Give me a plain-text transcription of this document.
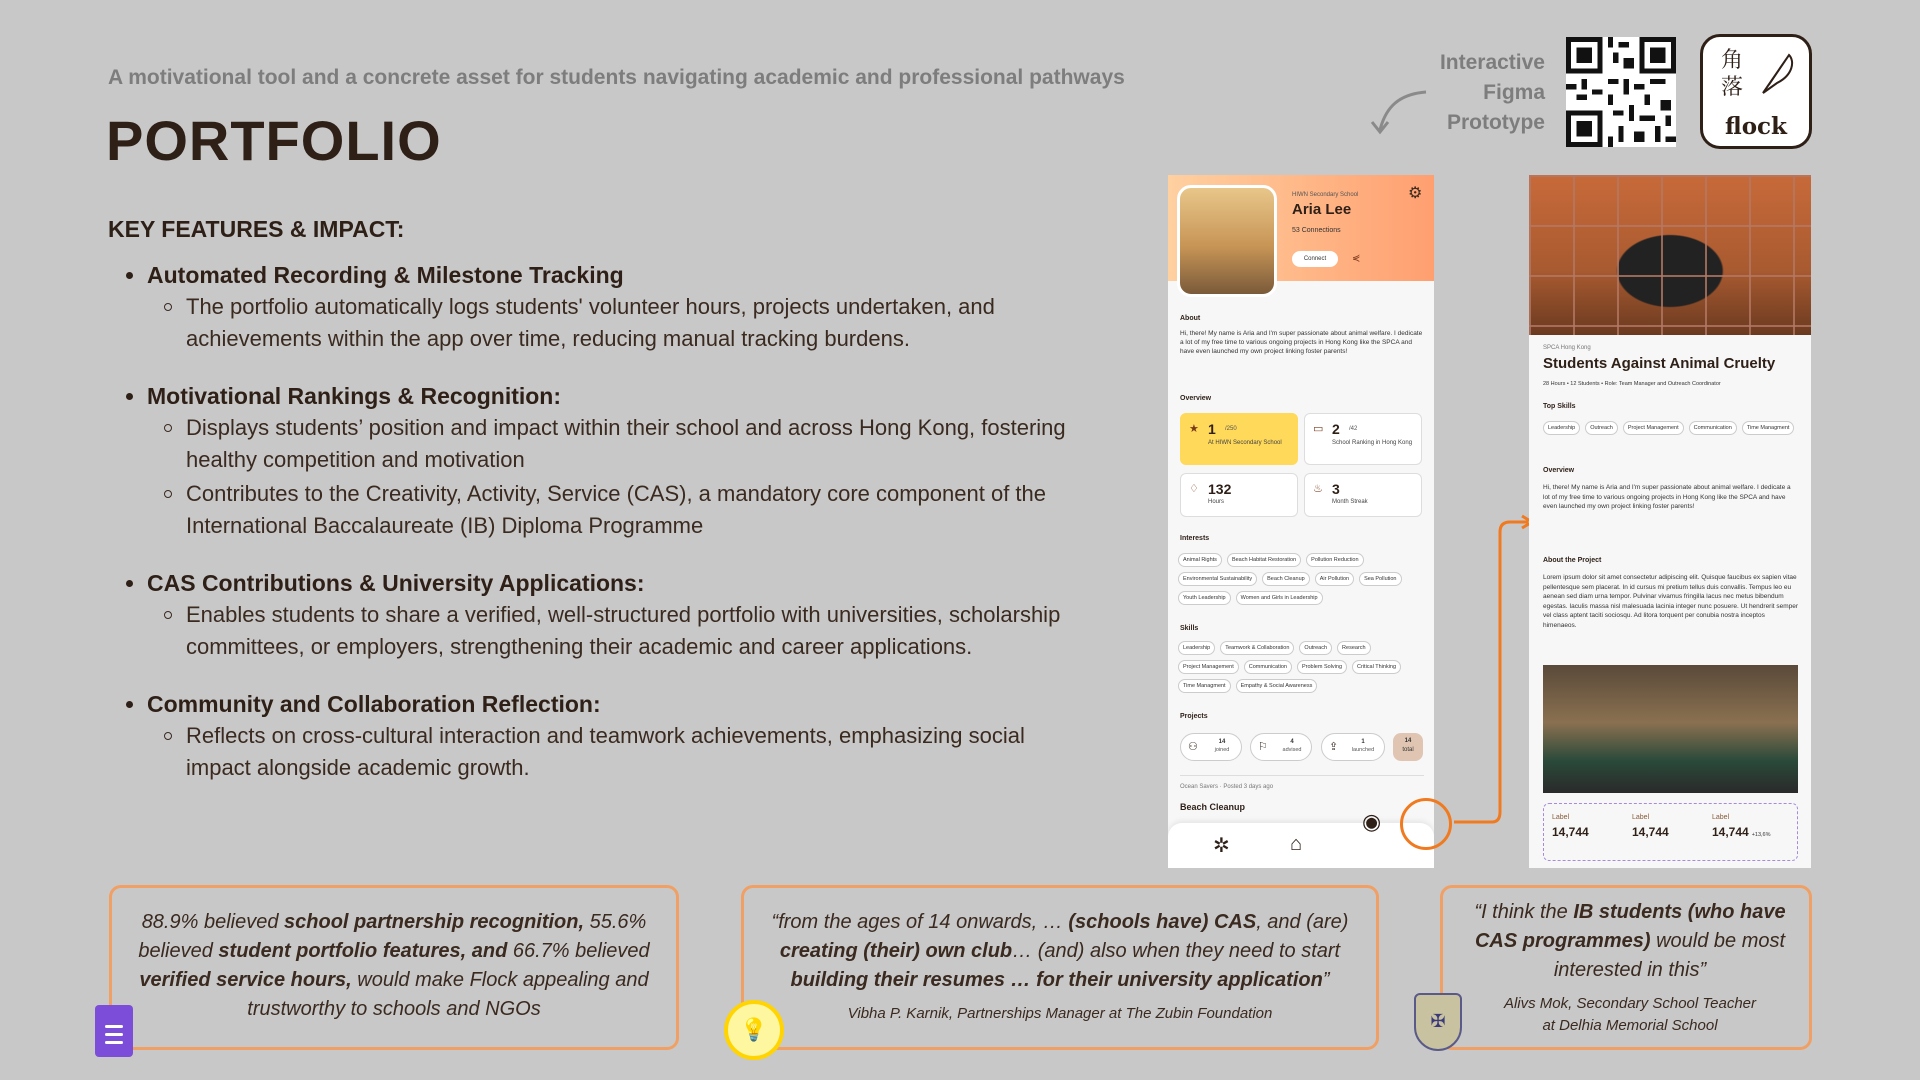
A motivational tool and a concrete asset for students navigating academic and professional pathways
PORTFOLIO
KEY FEATURES & IMPACT:
Automated Recording & Milestone Tracking
The portfolio automatically logs students' volunteer hours, projects undertaken, and achievements within the app over time, reducing manual tracking burdens.
Motivational Rankings & Recognition:
Displays students’ position and impact within their school and across Hong Kong, fostering healthy competition and motivation
Contributes to the Creativity, Activity, Service (CAS), a mandatory core component of the International Baccalaureate (IB) Diploma Programme
CAS Contributions & University Applications:
Enables students to share a verified, well-structured portfolio with universities, scholarship committees, or employers, strengthening their academic and career applications.
Community and Collaboration Reflection:
Reflects on cross-cultural interaction and teamwork achievements, emphasizing social impact alongside academic growth.
Interactive
Figma
Prototype
角
落
flock
HIWN Secondary School
Aria Lee
53 Connections
Connect	⋞
⚙
About
Hi, there! My name is Aria and I'm super passionate about animal welfare. I dedicate a lot of my free time to various ongoing projects in Hong Kong like the SPCA and have even launched my own project linking foster parents!
Overview
★ 1 /250
At HIWN Secondary School
▭ 2 /42
School Ranking in Hong Kong
♢ 132
Hours
♨ 3
Month Streak
Interests
Animal Rights	Beach Habitat Restoration	Pollution Reduction
Environmental Sustainability	Beach Cleanup	Air Pollution	Sea Pollution
Youth Leadership	Women and Girls in Leadership
Skills
Leadership	Teamwork & Collaboration	Outreach	Research
Project Management	Communication	Problem Solving	Critical Thinking
Time Managment	Empathy & Social Awareness
Projects
⚇	14
joined	⚐	4
advised	⇪	1
launched
14
total
Ocean Savers · Posted 3 days ago
Beach Cleanup
✲	⌂
◉
SPCA Hong Kong
Students Against Animal Cruelty
28 Hours • 12 Students • Role: Team Manager and Outreach Coordinator
Top Skills
Leadership	Outreach	Project Management	Communication	Time Managment
Overview
Hi, there! My name is Aria and I'm super passionate about animal welfare. I dedicate a lot of my free time to various ongoing projects in Hong Kong like the SPCA and have even launched my own project linking foster parents!
About the Project
Lorem ipsum dolor sit amet consectetur adipiscing elit. Quisque faucibus ex sapien vitae pellentesque sem placerat. In id cursus mi pretium tellus duis convallis. Tempus leo eu aenean sed diam urna tempor. Pulvinar vivamus fringilla lacus nec metus bibendum egestas. Iaculis massa nisl malesuada lacinia integer nunc posuere. Ut hendrerit semper vel class aptent taciti sociosqu. Ad litora torquent per conubia nostra inceptos himenaeos.
Label
14,744
Label
14,744
Label
14,744 +13,6%
88.9% believed school partnership recognition, 55.6% believed student portfolio features, and 66.7% believed verified service hours, would make Flock appealing and trustworthy to schools and NGOs
“from the ages of 14 onwards, … (schools have) CAS, and (are) creating (their) own club… (and) also when they need to start building their resumes … for their university application”
Vibha P. Karnik, Partnerships Manager at The Zubin Foundation
💡
“I think the IB students (who have CAS programmes) would be most interested in this”
Alivs Mok, Secondary School Teacher
at Delhia Memorial School
✠
